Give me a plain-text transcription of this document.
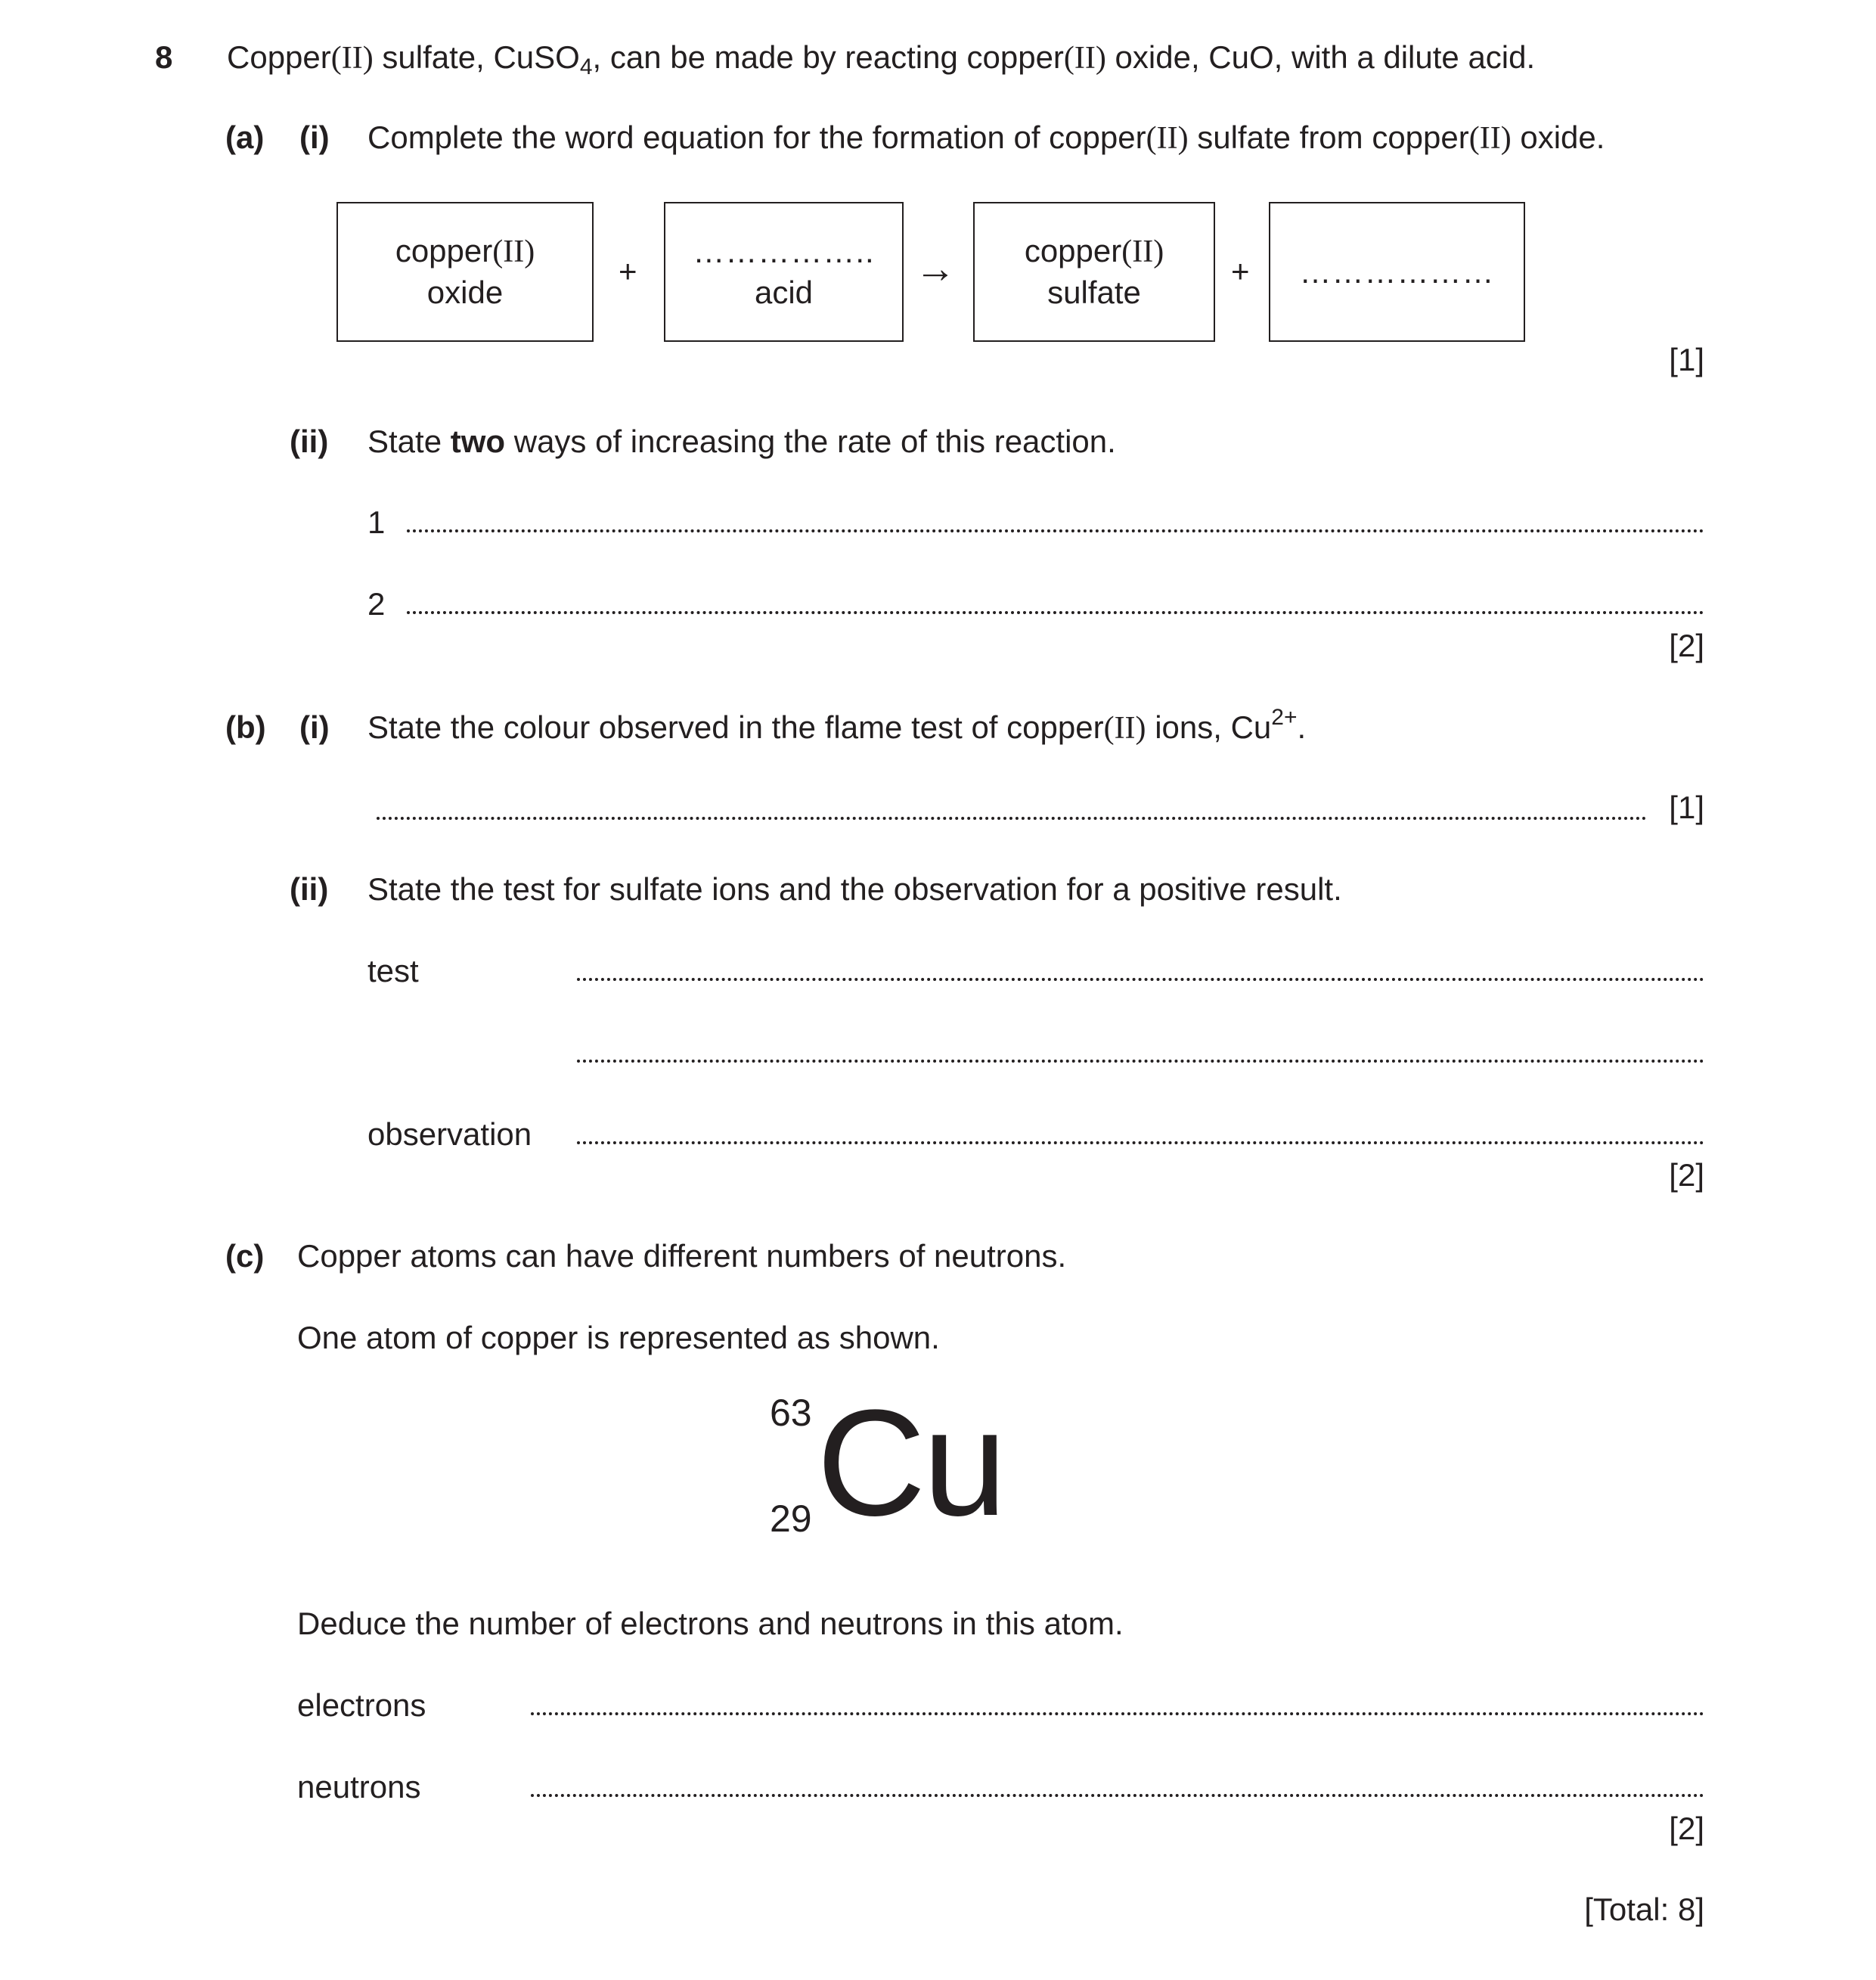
8 Copper(II) sulfate, CuSO$_4$, can be made by reacting copper(II) oxide, CuO, with a dilute acid.
(a) (i) Complete the word equation for the formation of copper(II) sulfate from copper(II) oxide.
copper(II)
oxide
+
……………..
acid
→ copper(II)
sulfate
+ ………………
[1]
(ii) State two ways of increasing the rate of this reaction.
1
2
[2]
(b) (i) State the colour observed in the flame test of copper(II) ions, $Cu^{2+}$.
[1]
(ii) State the test for sulfate ions and the observation for a positive result.
test
observation
[2]
(c) Copper atoms can have different numbers of neutrons.
One atom of copper is represented as shown.
63
29 Cu
Deduce the number of electrons and neutrons in this atom.
electrons
neutrons
[2]
[Total: 8]
